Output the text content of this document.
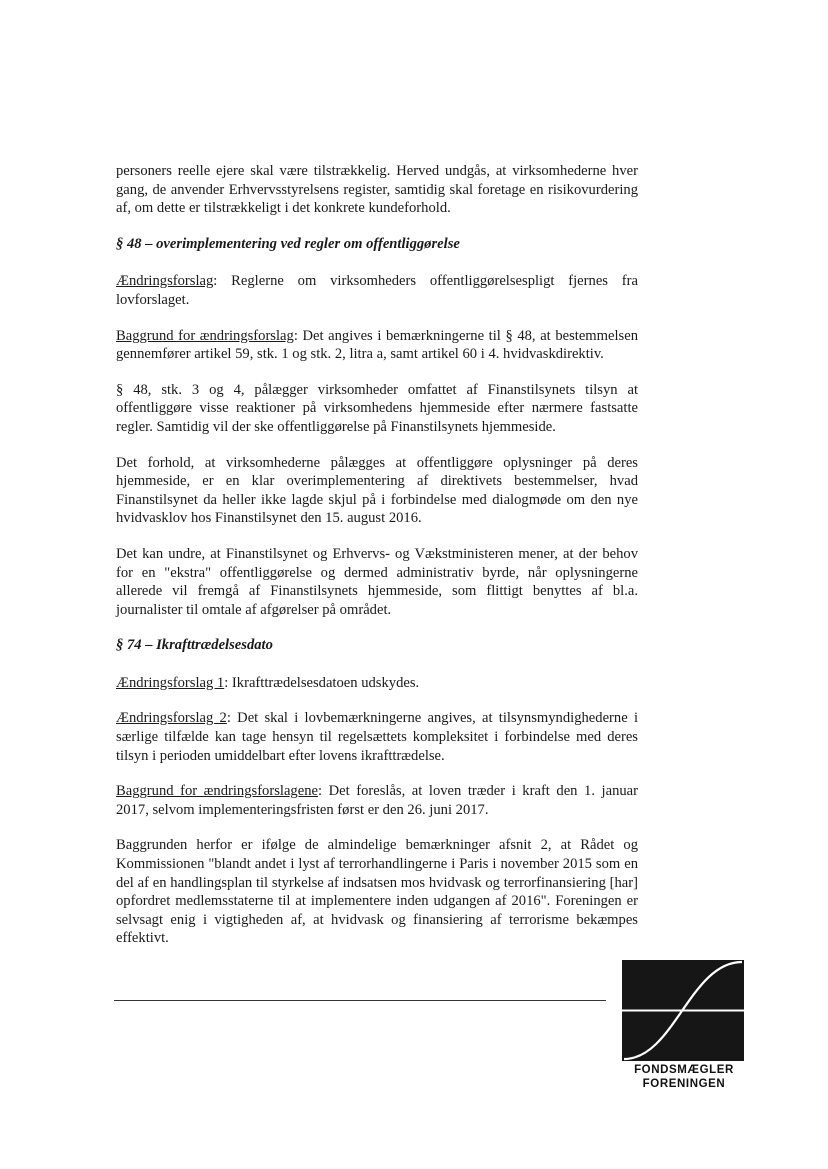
personers reelle ejere skal være tilstrækkelig. Herved undgås, at virksomhederne hver gang, de anvender Erhvervsstyrelsens register, samtidig skal foretage en risikovurdering af, om dette er tilstrækkeligt i det konkrete kundeforhold.

§ 48 – overimplementering ved regler om offentliggørelse

Ændringsforslag: Reglerne om virksomheders offentliggørelsespligt fjernes fra lovforslaget.

Baggrund for ændringsforslag: Det angives i bemærkningerne til § 48, at bestemmelsen gennemfører artikel 59, stk. 1 og stk. 2, litra a, samt artikel 60 i 4. hvidvaskdirektiv.

§ 48, stk. 3 og 4, pålægger virksomheder omfattet af Finanstilsynets tilsyn at offentliggøre visse reaktioner på virksomhedens hjemmeside efter nærmere fastsatte regler. Samtidig vil der ske offentliggørelse på Finanstilsynets hjemmeside.

Det forhold, at virksomhederne pålægges at offentliggøre oplysninger på deres hjemmeside, er en klar overimplementering af direktivets bestemmelser, hvad Finanstilsynet da heller ikke lagde skjul på i forbindelse med dialogmøde om den nye hvidvasklov hos Finanstilsynet den 15. august 2016.

Det kan undre, at Finanstilsynet og Erhvervs- og Vækstministeren mener, at der behov for en "ekstra" offentliggørelse og dermed administrativ byrde, når oplysningerne allerede vil fremgå af Finanstilsynets hjemmeside, som flittigt benyttes af bl.a. journalister til omtale af afgørelser på området.

§ 74 – Ikrafttrædelsesdato

Ændringsforslag 1: Ikrafttrædelsesdatoen udskydes.

Ændringsforslag 2: Det skal i lovbemærkningerne angives, at tilsynsmyndighederne i særlige tilfælde kan tage hensyn til regelsættets kompleksitet i forbindelse med deres tilsyn i perioden umiddelbart efter lovens ikrafttrædelse.

Baggrund for ændringsforslagene: Det foreslås, at loven træder i kraft den 1. januar 2017, selvom implementeringsfristen først er den 26. juni 2017.

Baggrunden herfor er ifølge de almindelige bemærkninger afsnit 2, at Rådet og Kommissionen "blandt andet i lyst af terrorhandlingerne i Paris i november 2015 som en del af en handlingsplan til styrkelse af indsatsen mos hvidvask og terrorfinansiering [har] opfordret medlemsstaterne til at implementere inden udgangen af 2016". Foreningen er selvsagt enig i vigtigheden af, at hvidvask og finansiering af terrorisme bekæmpes effektivt.

FONDSMÆGLER
FORENINGEN
